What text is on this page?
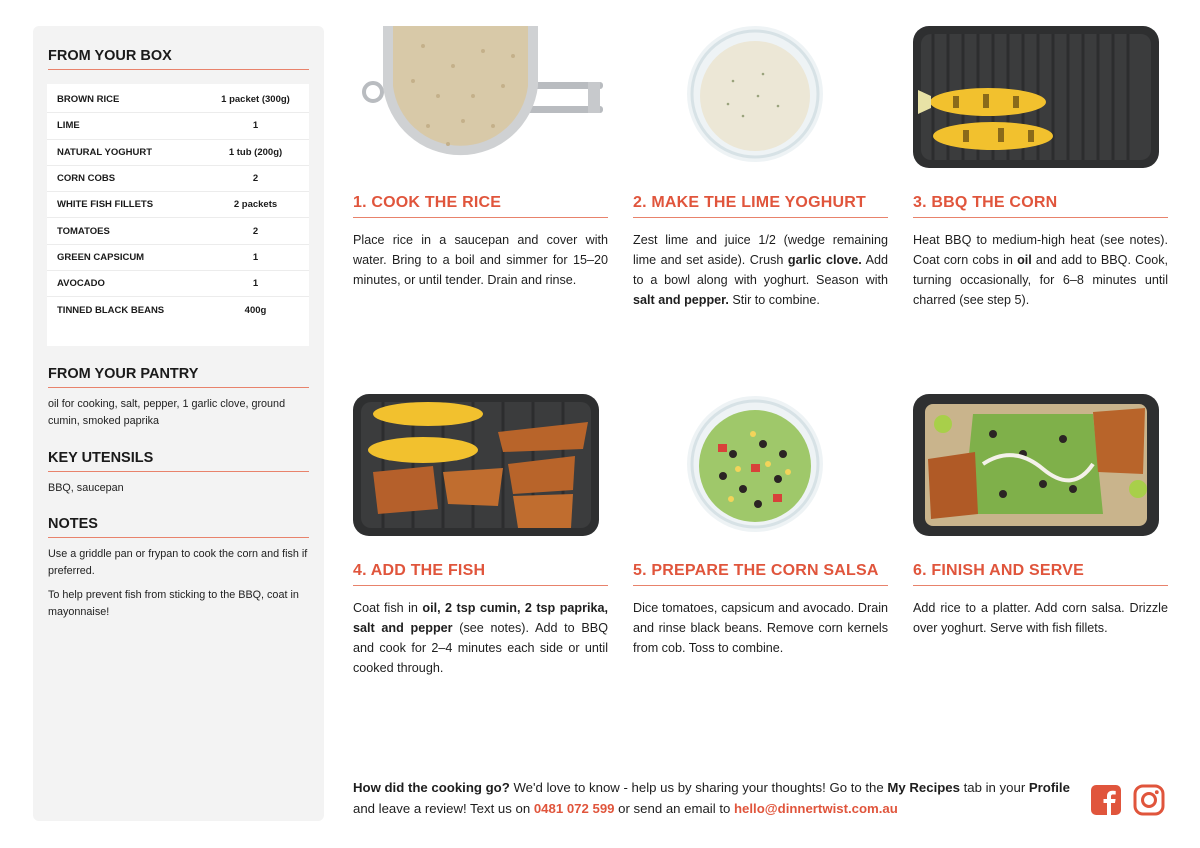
FROM YOUR BOX
BROWN RICE	1 packet (300g)
LIME	1
NATURAL YOGHURT	1 tub (200g)
CORN COBS	2
WHITE FISH FILLETS	2 packets
TOMATOES	2
GREEN CAPSICUM	1
AVOCADO	1
TINNED BLACK BEANS	400g
FROM YOUR PANTRY
oil for cooking, salt, pepper, 1 garlic clove, ground cumin, smoked paprika
KEY UTENSILS
BBQ, saucepan
NOTES
Use a griddle pan or frypan to cook the corn and fish if preferred.
To help prevent fish from sticking to the BBQ, coat in mayonnaise!
1. COOK THE RICE
Place rice in a saucepan and cover with water. Bring to a boil and simmer for 15–20 minutes, or until tender. Drain and rinse.
2. MAKE THE LIME YOGHURT
Zest lime and juice 1/2 (wedge remaining lime and set aside). Crush garlic clove. Add to a bowl along with yoghurt. Season with salt and pepper. Stir to combine.
3. BBQ THE CORN
Heat BBQ to medium-high heat (see notes). Coat corn cobs in oil and add to BBQ. Cook, turning occasionally, for 6–8 minutes until charred (see step 5).
4. ADD THE FISH
Coat fish in oil, 2 tsp cumin, 2 tsp paprika, salt and pepper (see notes). Add to BBQ and cook for 2–4 minutes each side or until cooked through.
5. PREPARE THE CORN SALSA
Dice tomatoes, capsicum and avocado. Drain and rinse black beans. Remove corn kernels from cob. Toss to combine.
6. FINISH AND SERVE
Add rice to a platter. Add corn salsa. Drizzle over yoghurt. Serve with fish fillets.
How did the cooking go? We'd love to know - help us by sharing your thoughts! Go to the My Recipes tab in your Profile and leave a review! Text us on 0481 072 599 or send an email to hello@dinnertwist.com.au
